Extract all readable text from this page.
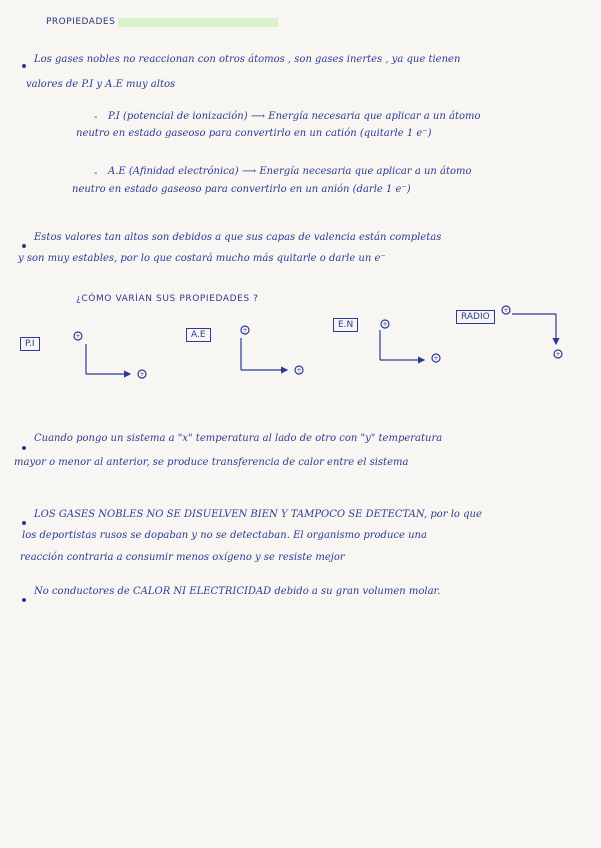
PROPIEDADES
Los gases nobles no reaccionan con otros átomos , son gases inertes , ya que tienen
valores de P.I y A.E muy altos
- P.I (potencial de ionización) ⟶ Energía necesaria que aplicar a un átomo
neutro en estado gaseoso para convertirlo en un catión (quitarle 1 e⁻)
- A.E (Afinidad electrónica) ⟶ Energía necesaria que aplicar a un átomo
neutro en estado gaseoso para convertirlo en un anión (darle 1 e⁻)
Estos valores tan altos son debidos a que sus capas de valencia están completas
y son muy estables, por lo que costará mucho más quitarle o darle un e⁻
¿CÓMO VARÍAN SUS PROPIEDADES ?
P.I
A.E
E.N
RADIO
+
+
+
+
+
+
+
+
Cuando pongo un sistema a "x" temperatura al lado de otro con "y" temperatura
mayor o menor al anterior, se produce transferencia de calor entre el sistema
LOS GASES NOBLES NO SE DISUELVEN BIEN Y TAMPOCO SE DETECTAN, por lo que
los deportistas rusos se dopaban y no se detectaban. El organismo produce una
reacción contraria a consumir menos oxígeno y se resiste mejor
No conductores de CALOR NI ELECTRICIDAD debido a su gran volumen molar.
